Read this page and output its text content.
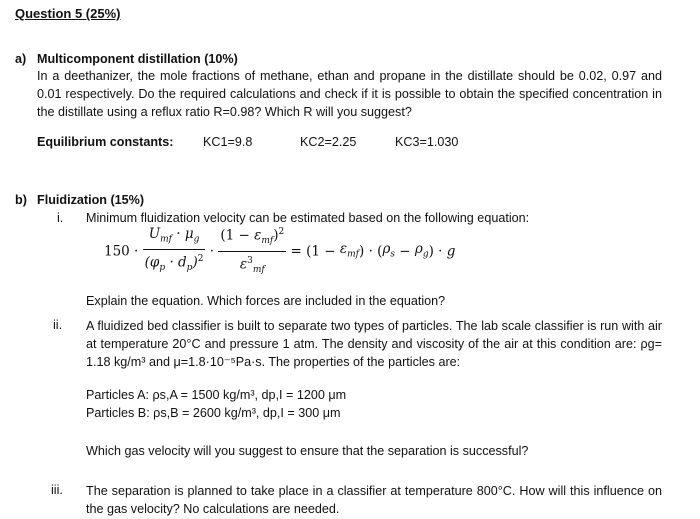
Question 5 (25%)
a) Multicomponent distillation (10%)
In a deethanizer, the mole fractions of methane, ethan and propane in the distillate should be 0.02, 0.97 and 0.01 respectively. Do the required calculations and check if it is possible to obtain the specified concentration in the distillate using a reflux ratio R=0.98? Which R will you suggest?
Equilibrium constants: KC1=9.8	KC2=2.25	KC3=1.030
b) Fluidization (15%)
i. Minimum fluidization velocity can be estimated based on the following equation:
$150 \cdot \frac{U_{mf} \cdot \mu_g}{(\varphi_p \cdot d_p)^2} \cdot \frac{(1 - \varepsilon_{mf})^2}{\varepsilon^3_{mf}} = (1 - \varepsilon_{mf}) \cdot (\rho_s - \rho_g) \cdot g$
Explain the equation. Which forces are included in the equation?
ii. A fluidized bed classifier is built to separate two types of particles. The lab scale classifier is run with air at temperature 20°C and pressure 1 atm. The density and viscosity of the air at this condition are: ρg= 1.18 kg/m³ and μ=1.8·10⁻⁵Pa·s. The properties of the particles are:
Particles A: ρs,A = 1500 kg/m³, dp,I = 1200 μm
Particles B: ρs,B = 2600 kg/m³, dp,I = 300 μm
Which gas velocity will you suggest to ensure that the separation is successful?
iii. The separation is planned to take place in a classifier at temperature 800°C. How will this influence on the gas velocity? No calculations are needed.
